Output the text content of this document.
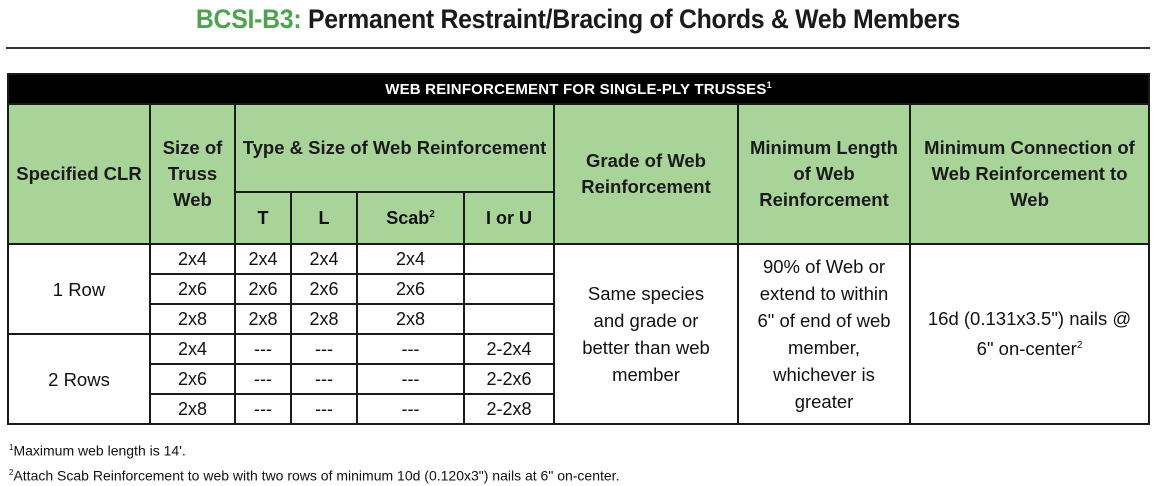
BCSI-B3: Permanent Restraint/Bracing of Chords & Web Members
WEB REINFORCEMENT FOR SINGLE-PLY TRUSSES$^1$
Specified CLR	Size of Truss Web	Type & Size of Web Reinforcement				Grade of Web Reinforcement	Minimum Length of Web Reinforcement	Minimum Connection of Web Reinforcement to Web
		T	L	Scab$^2$	I or U			
1 Row	2x4	2x4	2x4	2x4		Same species and grade or better than web member	90% of Web or extend to within 6" of end of web member, whichever is greater	16d (0.131x3.5") nails @ 6" on-center$^2$
	2x6	2x6	2x6	2x6				
	2x8	2x8	2x8	2x8				
2 Rows	2x4	---	---	---	2-2x4			
	2x6	---	---	---	2-2x6			
	2x8	---	---	---	2-2x8			
$^1$Maximum web length is 14'.
$^2$Attach Scab Reinforcement to web with two rows of minimum 10d (0.120x3") nails at 6" on-center.
